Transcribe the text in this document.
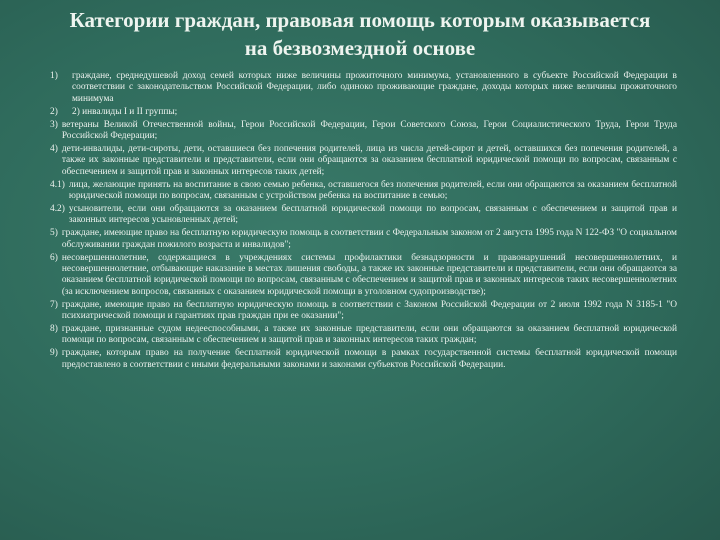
Категории граждан, правовая помощь которым оказывается на безвозмездной основе
1)	граждане, среднедушевой доход семей которых ниже величины прожиточного минимума, установленного в субъекте Российской Федерации в соответствии с законодательством Российской Федерации, либо одиноко проживающие граждане, доходы которых ниже величины прожиточного минимума
2)	2) инвалиды I и II группы;
3) ветераны Великой Отечественной войны, Герои Российской Федерации, Герои Советского Союза, Герои Социалистического Труда, Герои Труда Российской Федерации;
4) дети-инвалиды, дети-сироты, дети, оставшиеся без попечения родителей, лица из числа детей-сирот и детей, оставшихся без попечения родителей, а также их законные представители и представители, если они обращаются за оказанием бесплатной юридической помощи по вопросам, связанным с обеспечением и защитой прав и законных интересов таких детей;
4.1) лица, желающие принять на воспитание в свою семью ребенка, оставшегося без попечения родителей, если они обращаются за оказанием бесплатной юридической помощи по вопросам, связанным с устройством ребенка на воспитание в семью;
4.2) усыновители, если они обращаются за оказанием бесплатной юридической помощи по вопросам, связанным с обеспечением и защитой прав и законных интересов усыновленных детей;
5) граждане, имеющие право на бесплатную юридическую помощь в соответствии с Федеральным законом от 2 августа 1995 года N 122-ФЗ "О социальном обслуживании граждан пожилого возраста и инвалидов";
6) несовершеннолетние, содержащиеся в учреждениях системы профилактики безнадзорности и правонарушений несовершеннолетних, и несовершеннолетние, отбывающие наказание в местах лишения свободы, а также их законные представители и представители, если они обращаются за оказанием бесплатной юридической помощи по вопросам, связанным с обеспечением и защитой прав и законных интересов таких несовершеннолетних (за исключением вопросов, связанных с оказанием юридической помощи в уголовном судопроизводстве);
7) граждане, имеющие право на бесплатную юридическую помощь в соответствии с Законом Российской Федерации от 2 июля 1992 года N 3185-1 "О психиатрической помощи и гарантиях прав граждан при ее оказании";
8) граждане, признанные судом недееспособными, а также их законные представители, если они обращаются за оказанием бесплатной юридической помощи по вопросам, связанным с обеспечением и защитой прав и законных интересов таких граждан;
9) граждане, которым право на получение бесплатной юридической помощи в рамках государственной системы бесплатной юридической помощи предоставлено в соответствии с иными федеральными законами и законами субъектов Российской Федерации.
